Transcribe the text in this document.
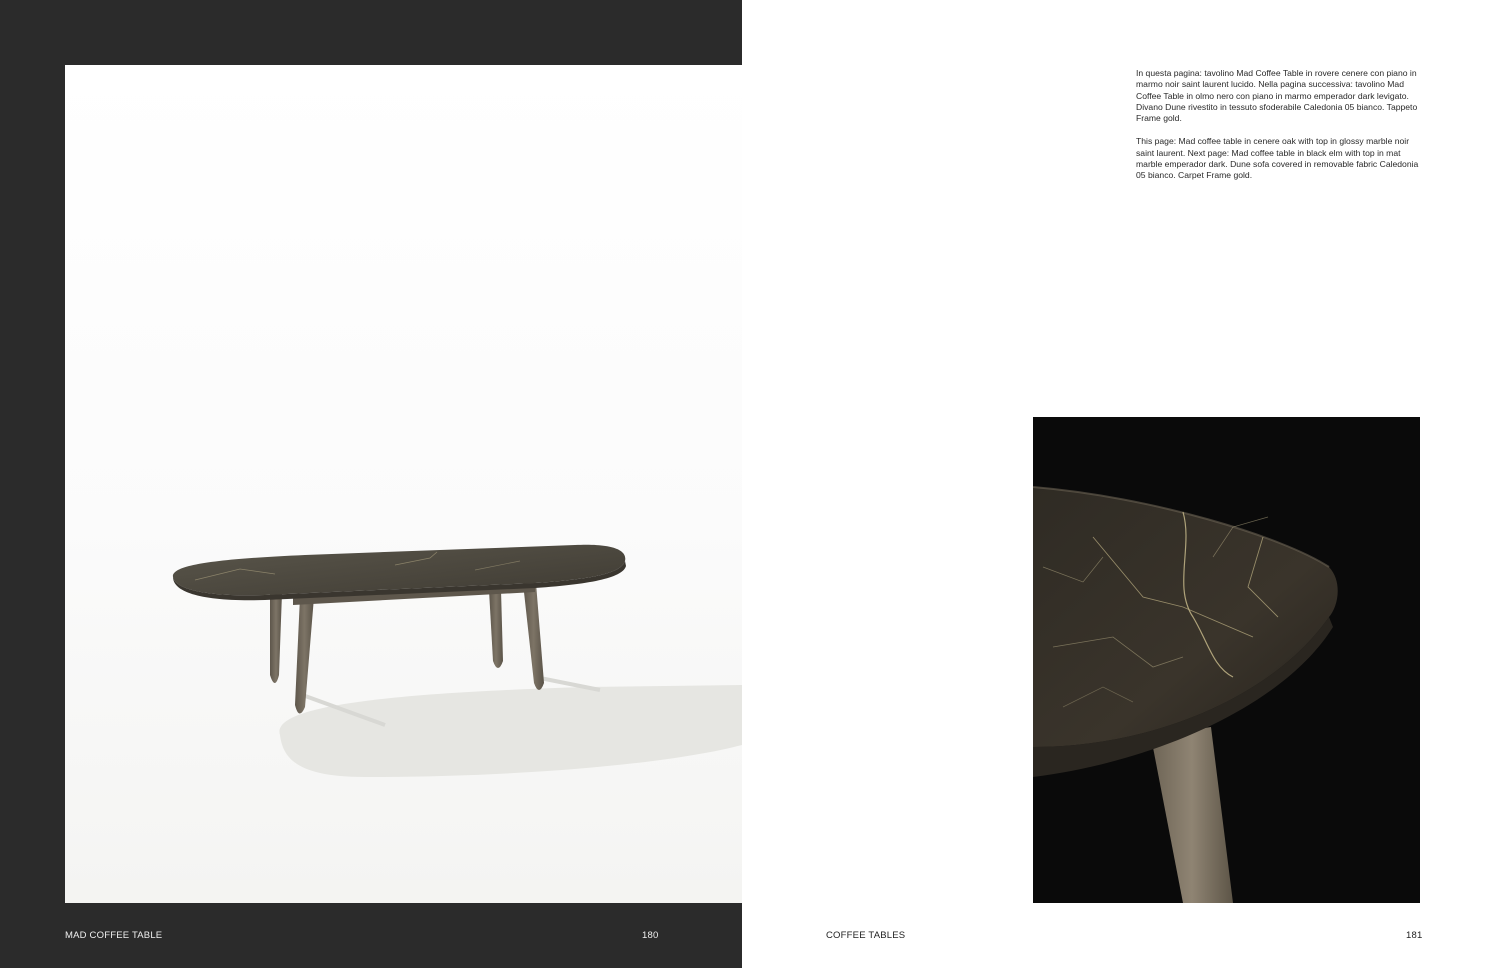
MAD COFFEE TABLE	180

In questa pagina: tavolino Mad Coffee Table in rovere cenere con piano in marmo noir saint laurent lucido. Nella pagina successiva: tavolino Mad Coffee Table in olmo nero con piano in marmo emperador dark levigato. Divano Dune rivestito in tessuto sfoderabile Caledonia 05 bianco. Tappeto Frame gold.

This page: Mad coffee table in cenere oak with top in glossy marble noir saint laurent. Next page: Mad coffee table in black elm with top in mat marble emperador dark. Dune sofa covered in removable fabric Caledonia 05 bianco. Carpet Frame gold.

COFFEE TABLES	181
